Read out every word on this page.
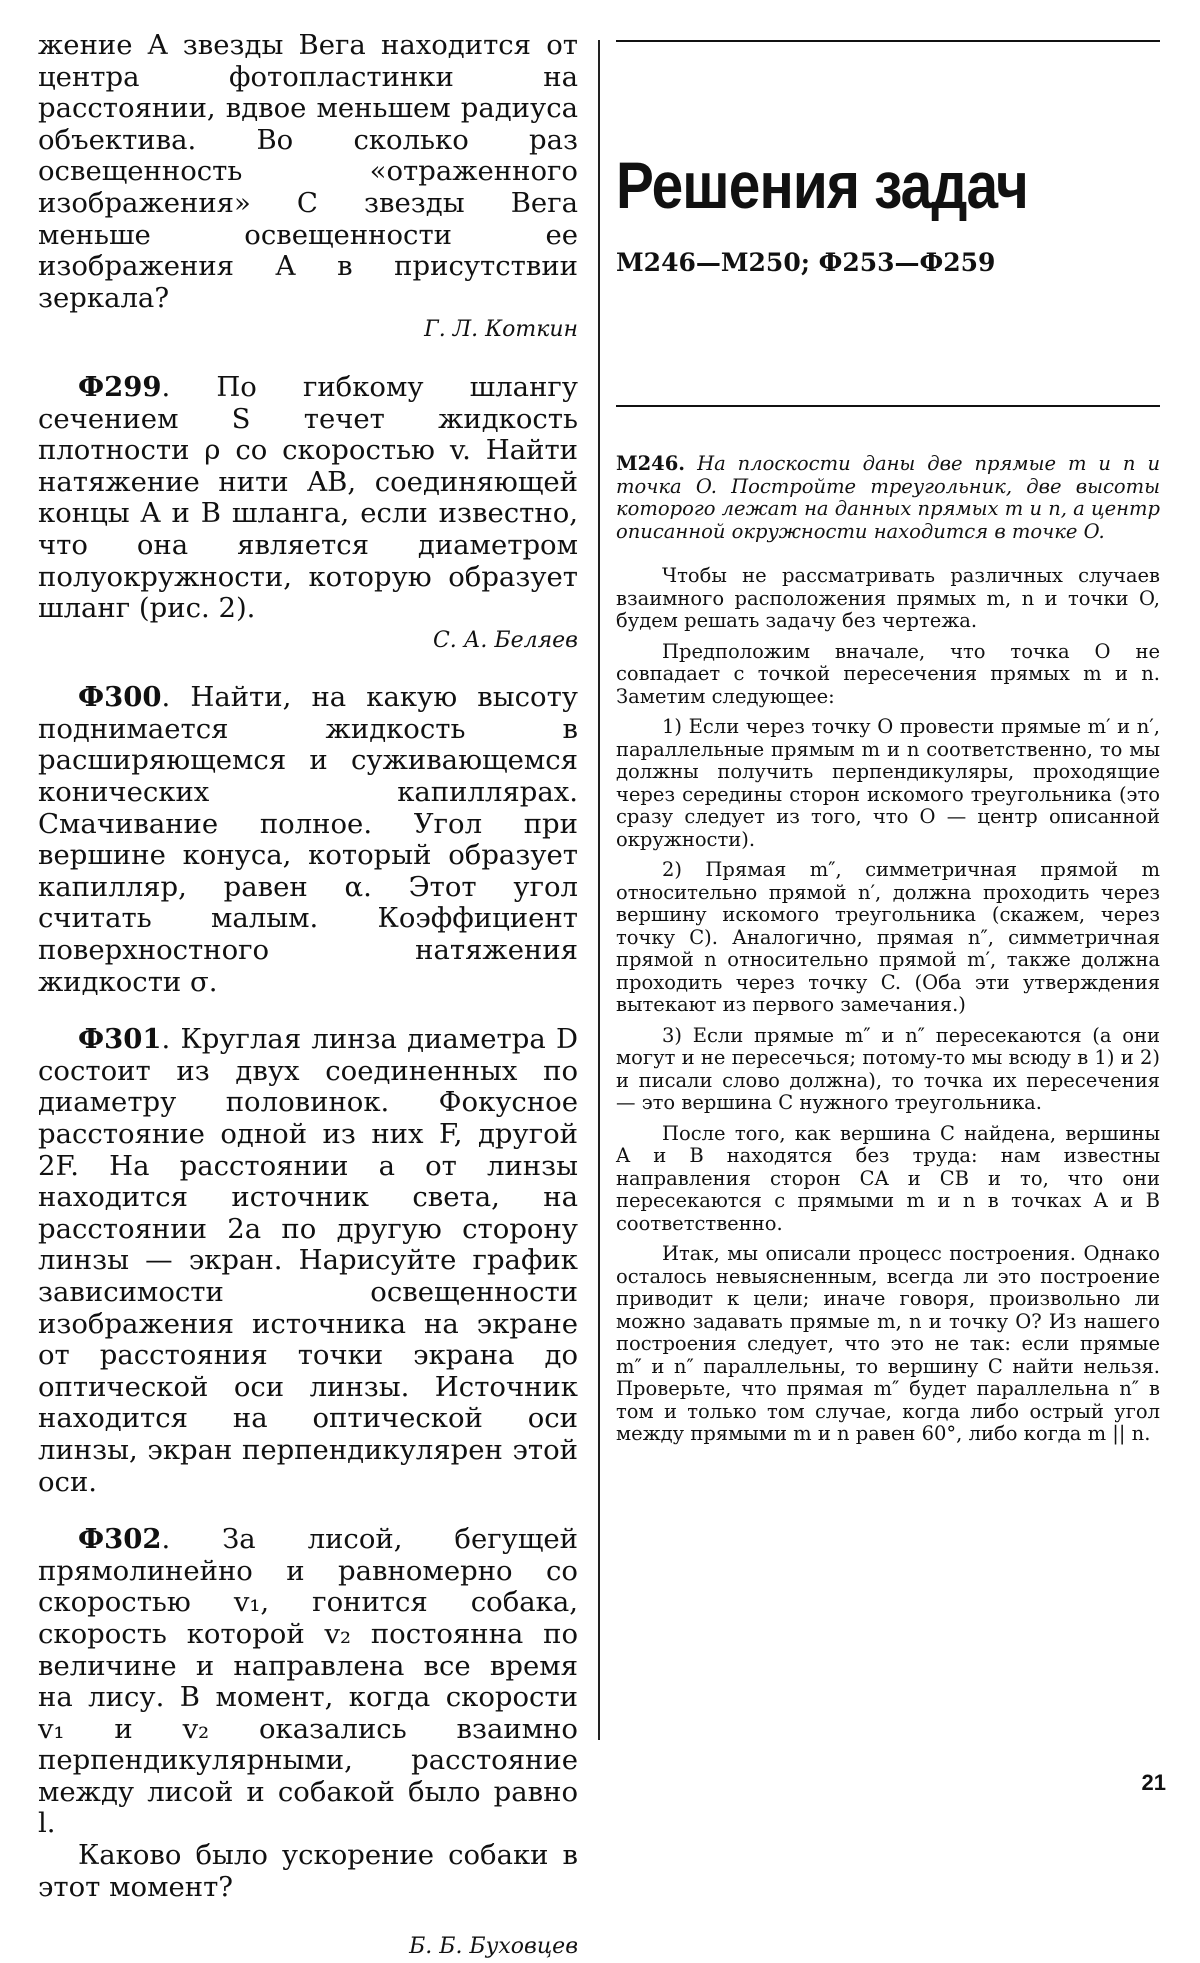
жение A звезды Вега находится от центра фотопластинки на расстоянии, вдвое меньшем радиуса объектива. Во сколько раз освещенность «отраженного изображения» C звезды Вега меньше освещенности ее изображения A в присутствии зеркала?

Г. Л. Коткин

Ф299. По гибкому шлангу сечением S течет жидкость плотности ρ со скоростью v. Найти натяжение нити AB, соединяющей концы A и B шланга, если известно, что она является диаметром полуокружности, которую образует шланг (рис. 2).

С. А. Беляев

Ф300. Найти, на какую высоту поднимается жидкость в расширяющемся и суживающемся конических капиллярах. Смачивание полное. Угол при вершине конуса, который образует капилляр, равен α. Этот угол считать малым. Коэффициент поверхностного натяжения жидкости σ.

Ф301. Круглая линза диаметра D состоит из двух соединенных по диаметру половинок. Фокусное расстояние одной из них F, другой 2F. На расстоянии a от линзы находится источник света, на расстоянии 2a по другую сторону линзы — экран. Нарисуйте график зависимости освещенности изображения источника на экране от расстояния точки экрана до оптической оси линзы. Источник находится на оптической оси линзы, экран перпендикулярен этой оси.

Ф302. За лисой, бегущей прямолинейно и равномерно со скоростью v₁, гонится собака, скорость которой v₂ постоянна по величине и направлена все время на лису. В момент, когда скорости v₁ и v₂ оказались взаимно перпендикулярными, расстояние между лисой и собакой было равно l.

Каково было ускорение собаки в этот момент?

Б. Б. Буховцев
Решения задач
М246—М250; Ф253—Ф259
М246. На плоскости даны две прямые m и n и точка O. Постройте треугольник, две высоты которого лежат на данных прямых m и n, а центр описанной окружности находится в точке O.

Чтобы не рассматривать различных случаев взаимного расположения прямых m, n и точки O, будем решать задачу без чертежа.

Предположим вначале, что точка O не совпадает с точкой пересечения прямых m и n. Заметим следующее:

1) Если через точку O провести прямые m′ и n′, параллельные прямым m и n соответственно, то мы должны получить перпендикуляры, проходящие через середины сторон искомого треугольника (это сразу следует из того, что O — центр описанной окружности).

2) Прямая m″, симметричная прямой m относительно прямой n′, должна проходить через вершину искомого треугольника (скажем, через точку C). Аналогично, прямая n″, симметричная прямой n относительно прямой m′, также должна проходить через точку C. (Оба эти утверждения вытекают из первого замечания.)

3) Если прямые m″ и n″ пересекаются (а они могут и не пересечься; потому-то мы всюду в 1) и 2) и писали слово должна), то точка их пересечения — это вершина C нужного треугольника.

После того, как вершина C найдена, вершины A и B находятся без труда: нам известны направления сторон CA и CB и то, что они пересекаются с прямыми m и n в точках A и B соответственно.

Итак, мы описали процесс построения. Однако осталось невыясненным, всегда ли это построение приводит к цели; иначе говоря, произвольно ли можно задавать прямые m, n и точку O? Из нашего построения следует, что это не так: если прямые m″ и n″ параллельны, то вершину C найти нельзя. Проверьте, что прямая m″ будет параллельна n″ в том и только том случае, когда либо острый угол между прямыми m и n равен 60°, либо когда m || n.

21
